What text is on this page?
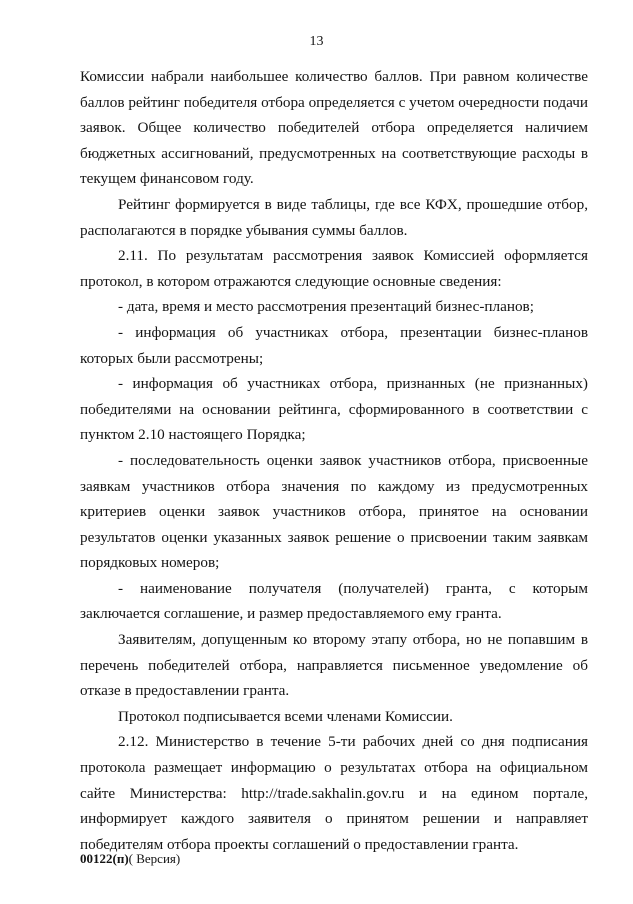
13

Комиссии набрали наибольшее количество баллов. При равном количестве баллов рейтинг победителя отбора определяется с учетом очередности подачи заявок. Общее количество победителей отбора определяется наличием бюджетных ассигнований, предусмотренных на соответствующие расходы в текущем финансовом году.

Рейтинг формируется в виде таблицы, где все КФХ, прошедшие отбор, располагаются в порядке убывания суммы баллов.

2.11. По результатам рассмотрения заявок Комиссией оформляется протокол, в котором отражаются следующие основные сведения:

- дата, время и место рассмотрения презентаций бизнес-планов;

- информация об участниках отбора, презентации бизнес-планов которых были рассмотрены;

- информация об участниках отбора, признанных (не признанных) победителями на основании рейтинга, сформированного в соответствии с пунктом 2.10 настоящего Порядка;

- последовательность оценки заявок участников отбора, присвоенные заявкам участников отбора значения по каждому из предусмотренных критериев оценки заявок участников отбора, принятое на основании результатов оценки указанных заявок решение о присвоении таким заявкам порядковых номеров;

- наименование получателя (получателей) гранта, с которым заключается соглашение, и размер предоставляемого ему гранта.

Заявителям, допущенным ко второму этапу отбора, но не попавшим в перечень победителей отбора, направляется письменное уведомление об отказе в предоставлении гранта.

Протокол подписывается всеми членами Комиссии.

2.12. Министерство в течение 5-ти рабочих дней со дня подписания протокола размещает информацию о результатах отбора на официальном сайте Министерства: http://trade.sakhalin.gov.ru и на едином портале, информирует каждого заявителя о принятом решении и направляет победителям отбора проекты соглашений о предоставлении гранта.

00122(п)( Версия)
